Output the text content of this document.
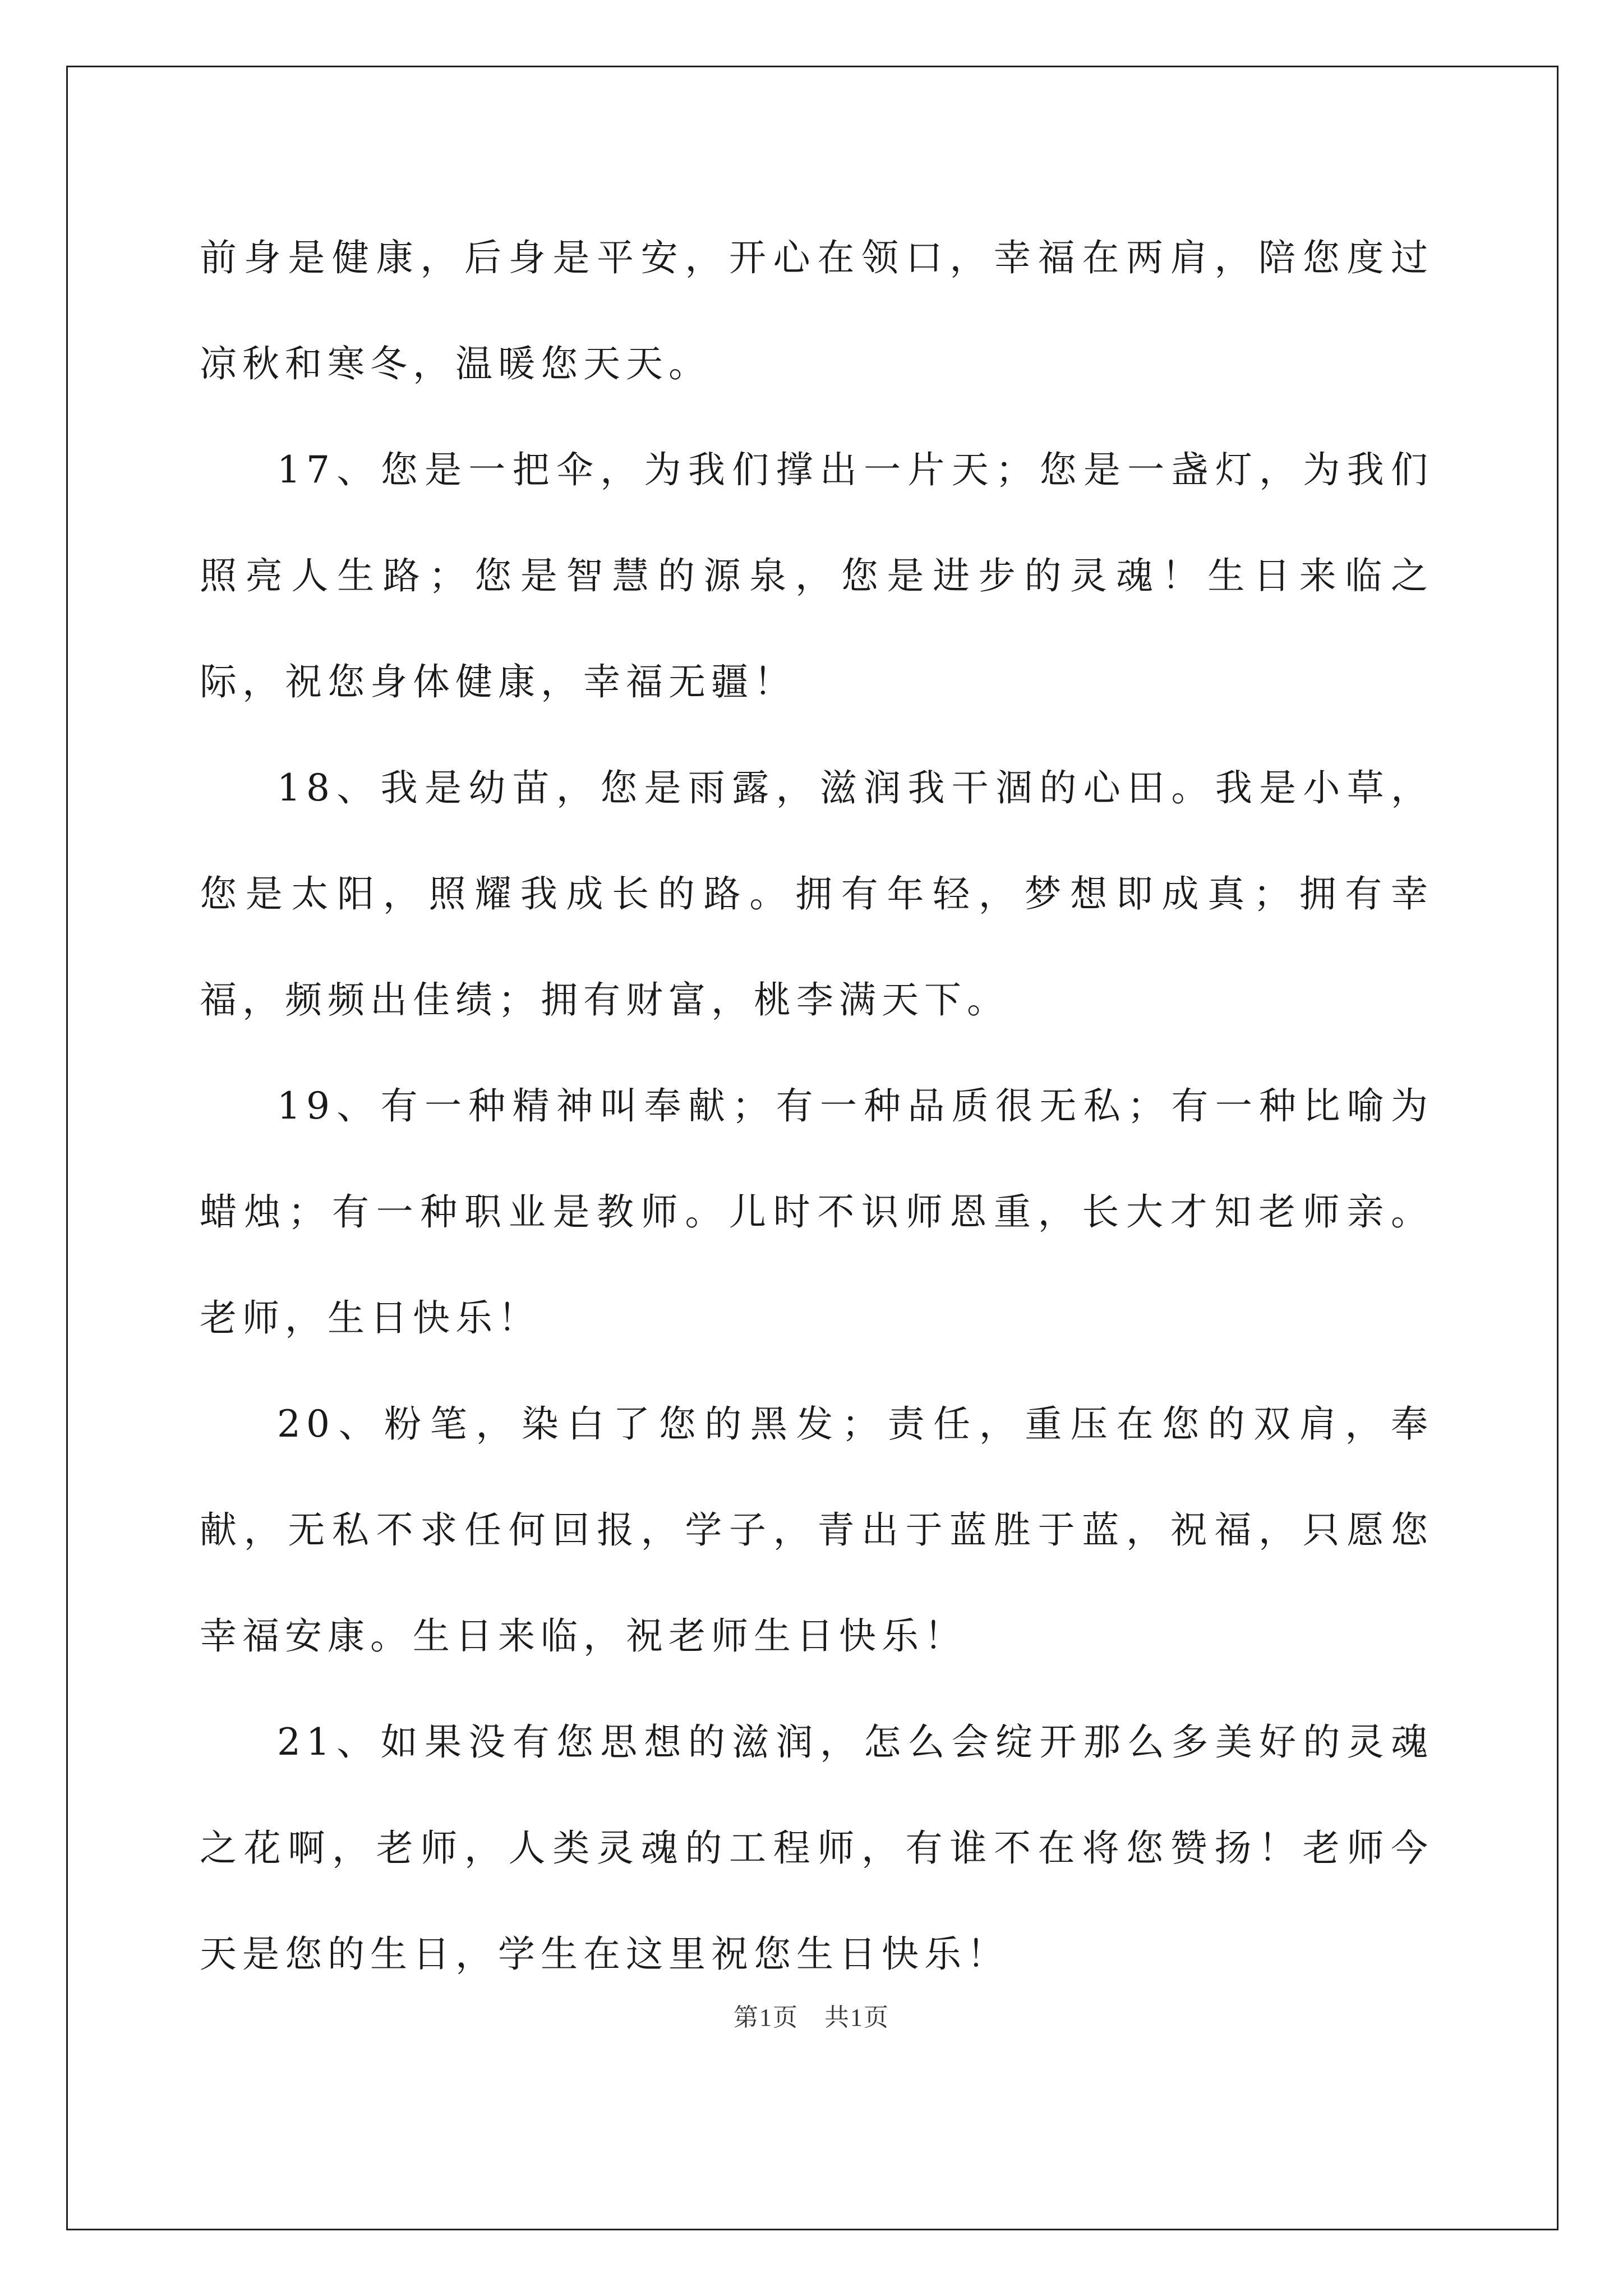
前身是健康，后身是平安，开心在领口，幸福在两肩，陪您度过凉秋和寒冬，温暖您天天。

17、您是一把伞，为我们撑出一片天；您是一盏灯，为我们照亮人生路；您是智慧的源泉，您是进步的灵魂！生日来临之际，祝您身体健康，幸福无疆！

18、我是幼苗，您是雨露，滋润我干涸的心田。我是小草，您是太阳，照耀我成长的路。拥有年轻，梦想即成真；拥有幸福，频频出佳绩；拥有财富，桃李满天下。

19、有一种精神叫奉献；有一种品质很无私；有一种比喻为蜡烛；有一种职业是教师。儿时不识师恩重，长大才知老师亲。老师，生日快乐！

20、粉笔，染白了您的黑发；责任，重压在您的双肩，奉献，无私不求任何回报，学子，青出于蓝胜于蓝，祝福，只愿您幸福安康。生日来临，祝老师生日快乐！

21、如果没有您思想的滋润，怎么会绽开那么多美好的灵魂之花啊，老师，人类灵魂的工程师，有谁不在将您赞扬！老师今天是您的生日，学生在这里祝您生日快乐！

第1页　共1页
